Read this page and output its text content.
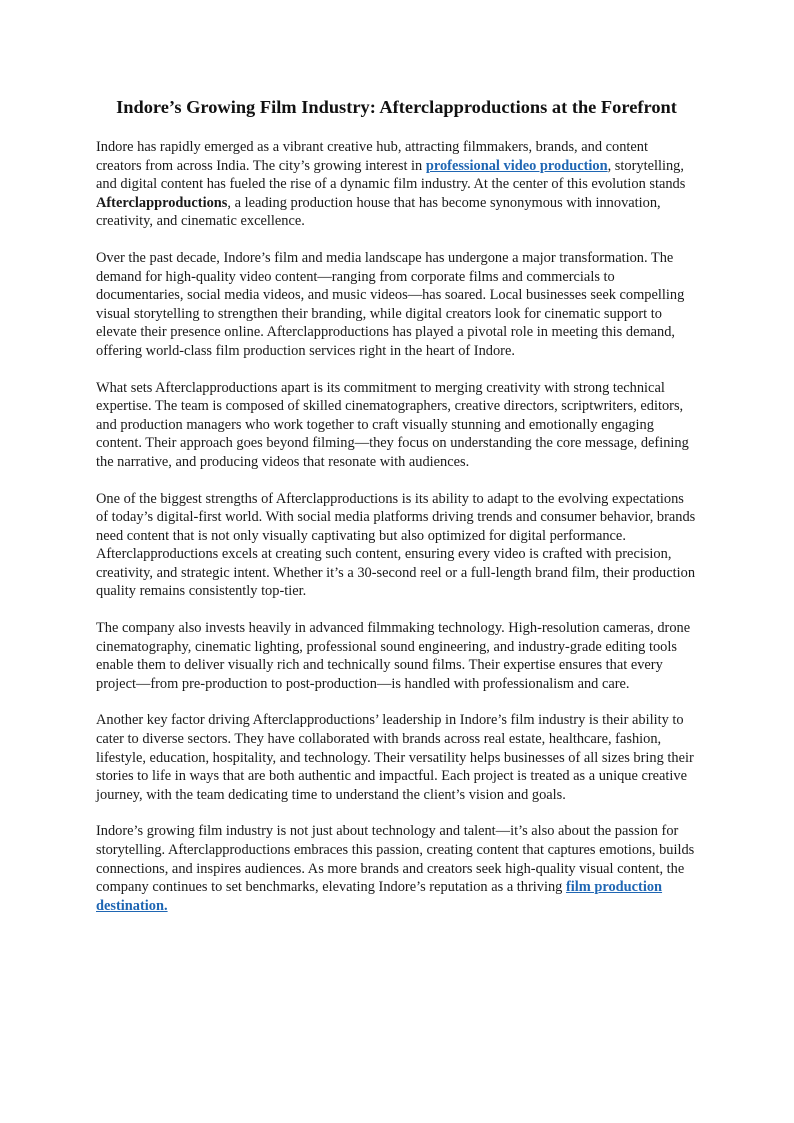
Indore’s Growing Film Industry: Afterclapproductions at the Forefront

Indore has rapidly emerged as a vibrant creative hub, attracting filmmakers, brands, and content creators from across India. The city’s growing interest in professional video production, storytelling, and digital content has fueled the rise of a dynamic film industry. At the center of this evolution stands Afterclapproductions, a leading production house that has become synonymous with innovation, creativity, and cinematic excellence.

Over the past decade, Indore’s film and media landscape has undergone a major transformation. The demand for high-quality video content—ranging from corporate films and commercials to documentaries, social media videos, and music videos—has soared. Local businesses seek compelling visual storytelling to strengthen their branding, while digital creators look for cinematic support to elevate their presence online. Afterclapproductions has played a pivotal role in meeting this demand, offering world-class film production services right in the heart of Indore.

What sets Afterclapproductions apart is its commitment to merging creativity with strong technical expertise. The team is composed of skilled cinematographers, creative directors, scriptwriters, editors, and production managers who work together to craft visually stunning and emotionally engaging content. Their approach goes beyond filming—they focus on understanding the core message, defining the narrative, and producing videos that resonate with audiences.

One of the biggest strengths of Afterclapproductions is its ability to adapt to the evolving expectations of today’s digital-first world. With social media platforms driving trends and consumer behavior, brands need content that is not only visually captivating but also optimized for digital performance. Afterclapproductions excels at creating such content, ensuring every video is crafted with precision, creativity, and strategic intent. Whether it’s a 30-second reel or a full-length brand film, their production quality remains consistently top-tier.

The company also invests heavily in advanced filmmaking technology. High-resolution cameras, drone cinematography, cinematic lighting, professional sound engineering, and industry-grade editing tools enable them to deliver visually rich and technically sound films. Their expertise ensures that every project—from pre-production to post-production—is handled with professionalism and care.

Another key factor driving Afterclapproductions’ leadership in Indore’s film industry is their ability to cater to diverse sectors. They have collaborated with brands across real estate, healthcare, fashion, lifestyle, education, hospitality, and technology. Their versatility helps businesses of all sizes bring their stories to life in ways that are both authentic and impactful. Each project is treated as a unique creative journey, with the team dedicating time to understand the client’s vision and goals.

Indore’s growing film industry is not just about technology and talent—it’s also about the passion for storytelling. Afterclapproductions embraces this passion, creating content that captures emotions, builds connections, and inspires audiences. As more brands and creators seek high-quality visual content, the company continues to set benchmarks, elevating Indore’s reputation as a thriving film production destination.
